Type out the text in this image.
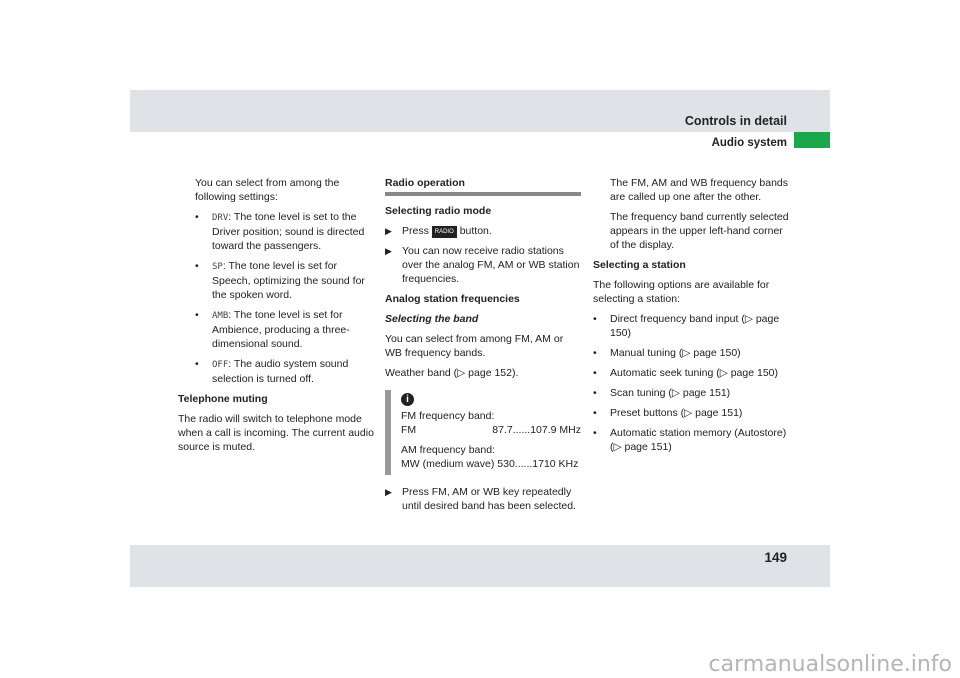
Controls in detail
Audio system

You can select from among the following settings:

• DRV: The tone level is set to the Driver position; sound is directed toward the passengers.
• SP: The tone level is set for Speech, optimizing the sound for the spoken word.
• AMB: The tone level is set for Ambience, producing a three-dimensional sound.
• OFF: The audio system sound selection is turned off.

Telephone muting

The radio will switch to telephone mode when a call is incoming. The current audio source is muted.

Radio operation

Selecting radio mode

▶ Press RADIO button.
▶ You can now receive radio stations over the analog FM, AM or WB station frequencies.

Analog station frequencies

Selecting the band

You can select from among FM, AM or WB frequency bands.

Weather band (▷ page 152).

i
FM frequency band:
FM	87.7......107.9 MHz
AM frequency band:
MW (medium wave) 530......1710 KHz
▶ Press FM, AM or WB key repeatedly until desired band has been selected.

The FM, AM and WB frequency bands are called up one after the other.

The frequency band currently selected appears in the upper left-hand corner of the display.

Selecting a station

The following options are available for selecting a station:

• Direct frequency band input (▷ page 150)
• Manual tuning (▷ page 150)
• Automatic seek tuning (▷ page 150)
• Scan tuning (▷ page 151)
• Preset buttons (▷ page 151)
• Automatic station memory (Autostore) (▷ page 151)
149
carmanualsonline.info
